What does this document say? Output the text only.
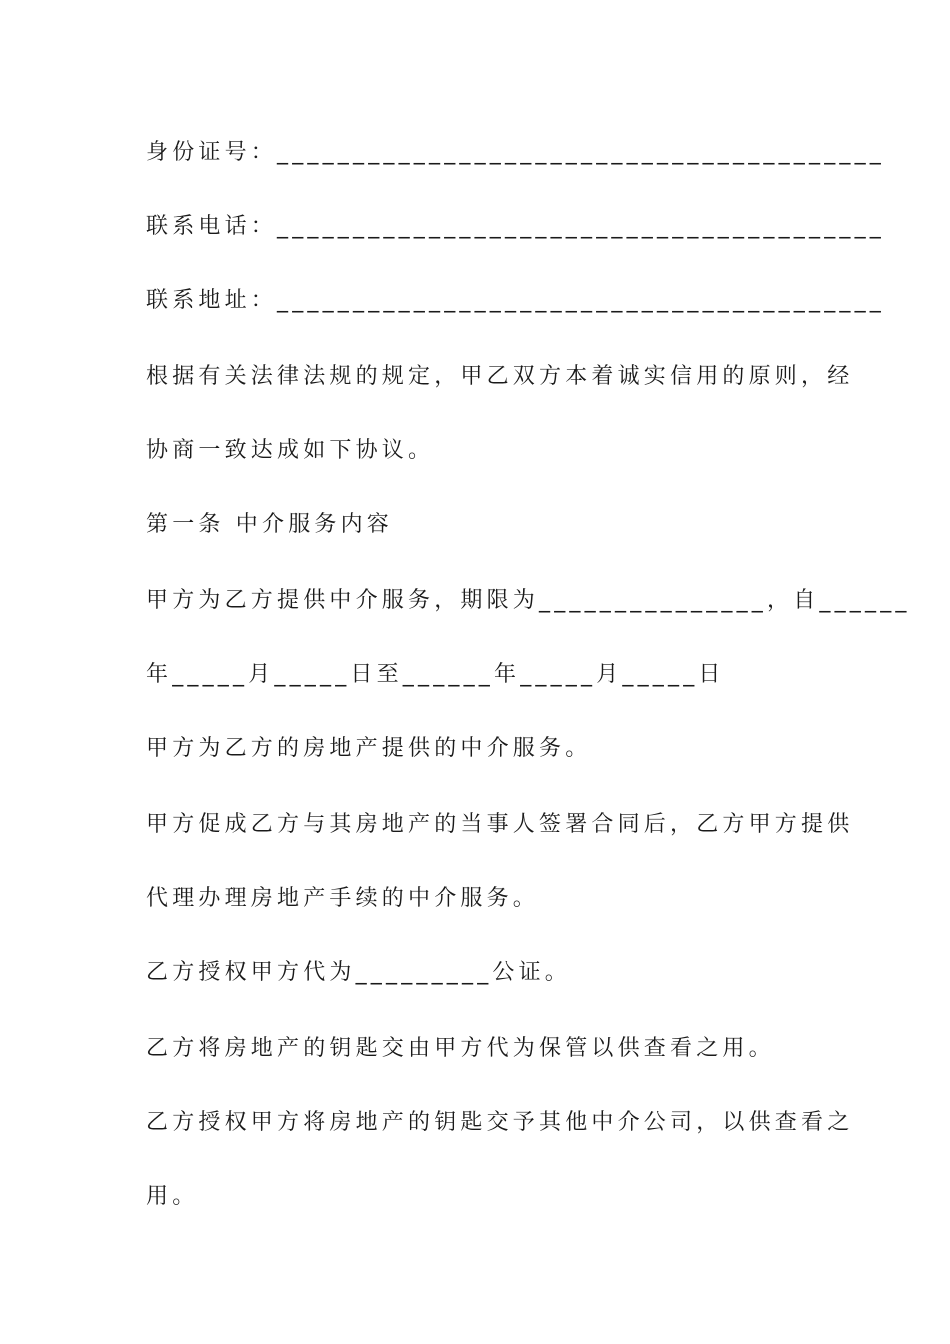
身份证号：________________________________________
联系电话：________________________________________
联系地址：________________________________________
根据有关法律法规的规定，甲乙双方本着诚实信用的原则，经
协商一致达成如下协议。
第一条 中介服务内容
甲方为乙方提供中介服务，期限为_______________，自______
年_____月_____日至______年_____月_____日
甲方为乙方的房地产提供的中介服务。
甲方促成乙方与其房地产的当事人签署合同后，乙方甲方提供
代理办理房地产手续的中介服务。
乙方授权甲方代为_________公证。
乙方将房地产的钥匙交由甲方代为保管以供查看之用。
乙方授权甲方将房地产的钥匙交予其他中介公司，以供查看之
用。
